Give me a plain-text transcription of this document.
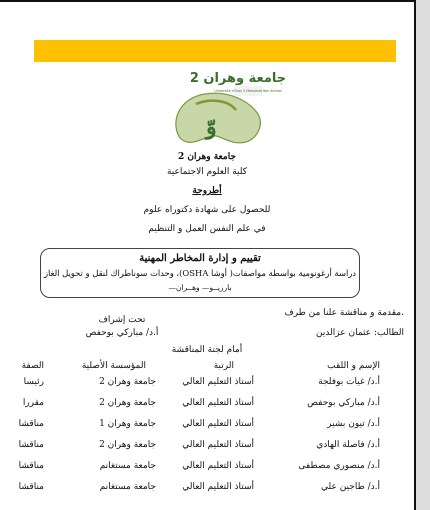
جامعة وهران 2
Université d'Oran 2 Mohamed Ben Ahmed
وّ
جامعة وهران 2
كلية العلوم الاجتماعية
أطروحة
للحصول على شهادة دكتوراه علوم
في علم النفس العمل و التنظيم
تقييم و إدارة المخاطر المهنية
دراسة أرغونومية بواسطة مواصفات( أوشا OSHA)، وحدات سوناطراك لنقل و تحويل الغاز
بارزيــو— وهــران—
.مقدمة و مناقشة علنا من طرف
تحت إشراف
الطالب: عثمان عزالدين
أ.د/ مباركي بوحفص
أمام لجنة المناقشة
الإسم و اللقب
الرتبة
المؤسسة الأصلية
الصفة
أ.د/ غيات بوفلجة
أستاذ التعليم العالي
جامعة وهران 2
رئيسا
أ.د/ مباركي بوحفص
أستاذ التعليم العالي
جامعة وهران 2
مقررا
أ.د/ تيون بشير
أستاذ التعليم العالي
جامعة وهران 1
مناقشا
أ.د/ فاصلة الهادي
أستاذ التعليم العالي
جامعة وهران 2
مناقشا
أ.د/ منصوري مصطفى
أستاذ التعليم العالي
جامعة مستغانم
مناقشا
أ.د/ طاجين علي
أستاذ التعليم العالي
جامعة مستغانم
مناقشا
